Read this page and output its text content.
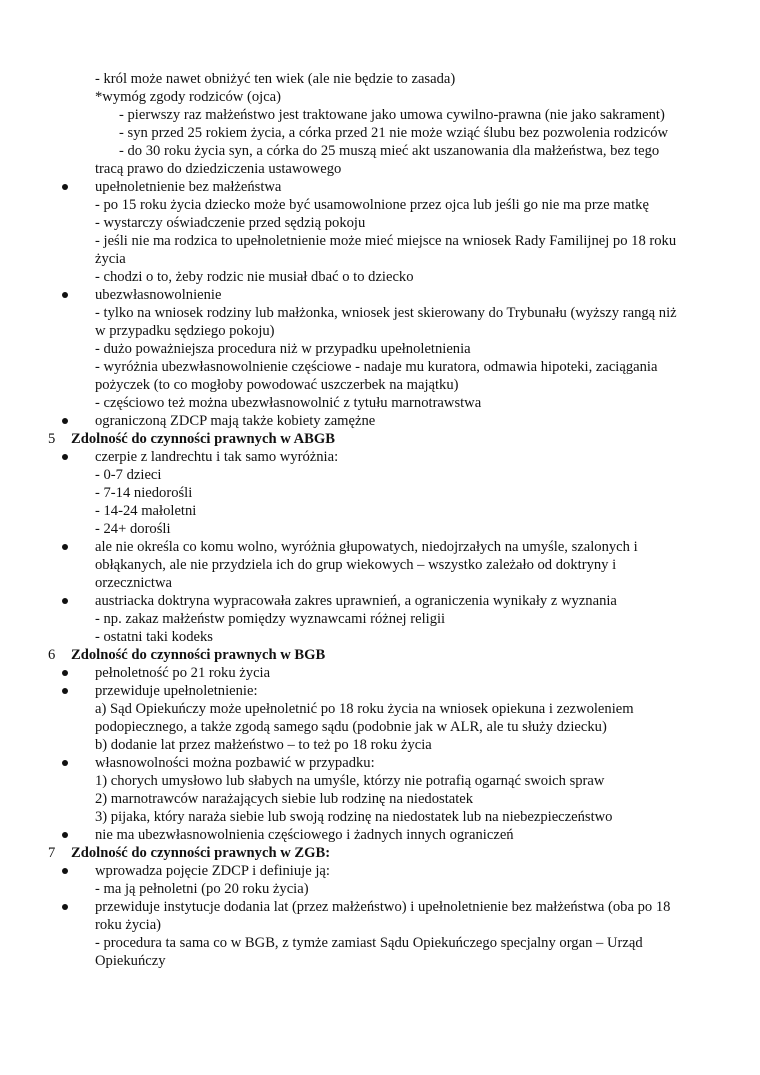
- król może nawet obniżyć ten wiek (ale nie będzie to zasada)
*wymóg zgody rodziców (ojca)
- pierwszy raz małżeństwo jest traktowane jako umowa cywilno-prawna (nie jako sakrament)
- syn przed 25 rokiem życia, a córka przed 21 nie może wziąć ślubu bez pozwolenia rodziców
- do 30 roku życia syn, a córka do 25 muszą mieć akt uszanowania dla małżeństwa, bez tego tracą prawo do dziedziczenia ustawowego
upełnoletnienie bez małżeństwa
- po 15 roku życia dziecko może być usamowolnione przez ojca lub jeśli go nie ma prze matkę
- wystarczy oświadczenie przed sędzią pokoju
- jeśli nie ma rodzica to upełnoletnienie może mieć miejsce na wniosek Rady Familijnej po 18 roku życia
- chodzi o to, żeby rodzic nie musiał dbać o to dziecko
ubezwłasnowolnienie
- tylko na wniosek rodziny lub małżonka, wniosek jest skierowany do Trybunału (wyższy rangą niż w przypadku sędziego pokoju)
- dużo poważniejsza procedura niż w przypadku upełnoletnienia
- wyróżnia ubezwłasnowolnienie częściowe - nadaje mu kuratora, odmawia hipoteki, zaciągania pożyczek (to co mogłoby powodować uszczerbek na majątku)
- częściowo też można ubezwłasnowolnić z tytułu marnotrawstwa
ograniczoną ZDCP mają także kobiety zamężne
5 Zdolność do czynności prawnych w ABGB
czerpie z landrechtu i tak samo wyróżnia:
- 0-7 dzieci
- 7-14 niedorośli
- 14-24 małoletni
- 24+ dorośli
ale nie określa co komu wolno, wyróżnia głupowatych, niedojrzałych na umyśle, szalonych i obłąkanych, ale nie przydziela ich do grup wiekowych – wszystko zależało od doktryny i orzecznictwa
austriacka doktryna wypracowała zakres uprawnień, a ograniczenia wynikały z wyznania
- np. zakaz małżeństw pomiędzy wyznawcami różnej religii
- ostatni taki kodeks
6 Zdolność do czynności prawnych w BGB
pełnoletność po 21 roku życia
przewiduje upełnoletnienie:
a) Sąd Opiekuńczy może upełnoletnić po 18 roku życia na wniosek opiekuna i zezwoleniem podopiecznego, a także zgodą samego sądu (podobnie jak w ALR, ale tu służy dziecku)
b) dodanie lat przez małżeństwo – to też po 18 roku życia
własnowolności można pozbawić w przypadku:
1) chorych umysłowo lub słabych na umyśle, którzy nie potrafią ogarnąć swoich spraw
2) marnotrawców narażających siebie lub rodzinę na niedostatek
3) pijaka, który naraża siebie lub swoją rodzinę na niedostatek lub na niebezpieczeństwo
nie ma ubezwłasnowolnienia częściowego i żadnych innych ograniczeń
7 Zdolność do czynności prawnych w ZGB:
wprowadza pojęcie ZDCP i definiuje ją:
- ma ją pełnoletni (po 20 roku życia)
przewiduje instytucje dodania lat (przez małżeństwo) i upełnoletnienie bez małżeństwa (oba po 18 roku życia)
- procedura ta sama co w BGB, z tymże zamiast Sądu Opiekuńczego specjalny organ – Urząd Opiekuńczy
